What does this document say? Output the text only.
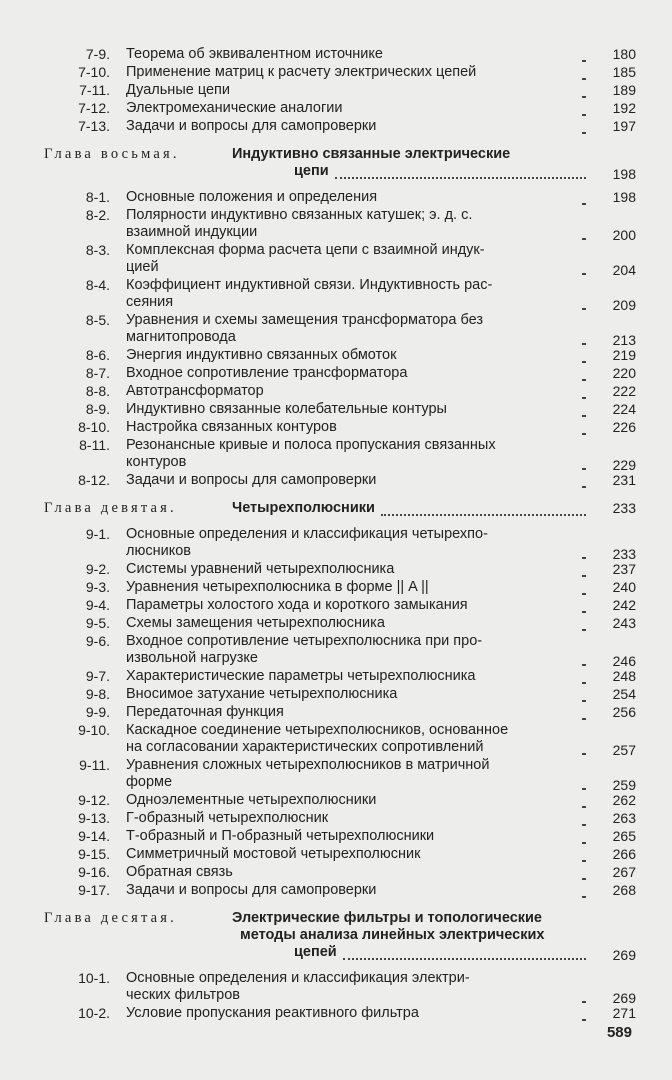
7-9. Теорема об эквивалентном источнике	180
7-10. Применение матриц к расчету электрических цепей	185
7-11. Дуальные цепи	189
7-12. Электромеханические аналогии	192
7-13. Задачи и вопросы для самопроверки	197
Глава восьмая.	Индуктивно связанные электрические
цепи	198
8-1. Основные положения и определения	198
8-2. Полярности индуктивно связанных катушек; э. д. с.
взаимной индукции	200
8-3. Комплексная форма расчета цепи с взаимной индук-
цией	204
8-4. Коэффициент индуктивной связи. Индуктивность рас-
сеяния	209
8-5. Уравнения и схемы замещения трансформатора без
магнитопровода	213
8-6. Энергия индуктивно связанных обмоток	219
8-7. Входное сопротивление трансформатора	220
8-8. Автотрансформатор	222
8-9. Индуктивно связанные колебательные контуры	224
8-10. Настройка связанных контуров	226
8-11. Резонансные кривые и полоса пропускания связанных
контуров	229
8-12. Задачи и вопросы для самопроверки	231
Глава девятая.	Четырехполюсники	233
9-1. Основные определения и классификация четырехпо-
люсников	233
9-2. Системы уравнений четырехполюсника	237
9-3. Уравнения четырехполюсника в форме || A ||	240
9-4. Параметры холостого хода и короткого замыкания	242
9-5. Схемы замещения четырехполюсника	243
9-6. Входное сопротивление четырехполюсника при про-
извольной нагрузке	246
9-7. Характеристические параметры четырехполюсника	248
9-8. Вносимое затухание четырехполюсника	254
9-9. Передаточная функция	256
9-10. Каскадное соединение четырехполюсников, основанное
на согласовании характеристических сопротивлений	257
9-11. Уравнения сложных четырехполюсников в матричной
форме	259
9-12. Одноэлементные четырехполюсники	262
9-13. Г-образный четырехполюсник	263
9-14. Т-образный и П-образный четырехполюсники	265
9-15. Симметричный мостовой четырехполюсник	266
9-16. Обратная связь	267
9-17. Задачи и вопросы для самопроверки	268
Глава десятая.	Электрические фильтры и топологические
методы анализа линейных электрических
цепей	269
10-1. Основные определения и классификация электри-
ческих фильтров	269
10-2. Условие пропускания реактивного фильтра	271
589
